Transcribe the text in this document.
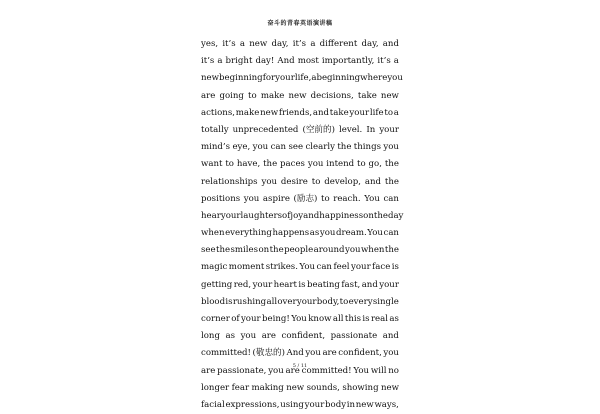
奋斗的青春英语演讲稿
yes, it’s a new day, it’s a different day, and
it’s a bright day! And most importantly, it’s a
new beginning for your life, a beginning where you
are going to make new decisions, take new
actions, make new friends, and take your life to a
totally unprecedented (空前的) level. In your
mind’s eye, you can see clearly the things you
want to have, the paces you intend to go, the
relationships you desire to develop, and the
positions you aspire (励志) to reach. You can
hear your laughters of joy and happiness on the day
when everything happens as you dream. You can
see the smiles on the people around you when the
magic moment strikes. You can feel your face is
getting red, your heart is beating fast, and your
blood is rushing all over your body, to every single
corner of your being! You know all this is real as
long as you are confident, passionate and
committed! (敬忠的) And you are confident, you
are passionate, you are committed! You will no
longer fear making new sounds, showing new
facial expressions, using your body in new ways,
5 / 11
